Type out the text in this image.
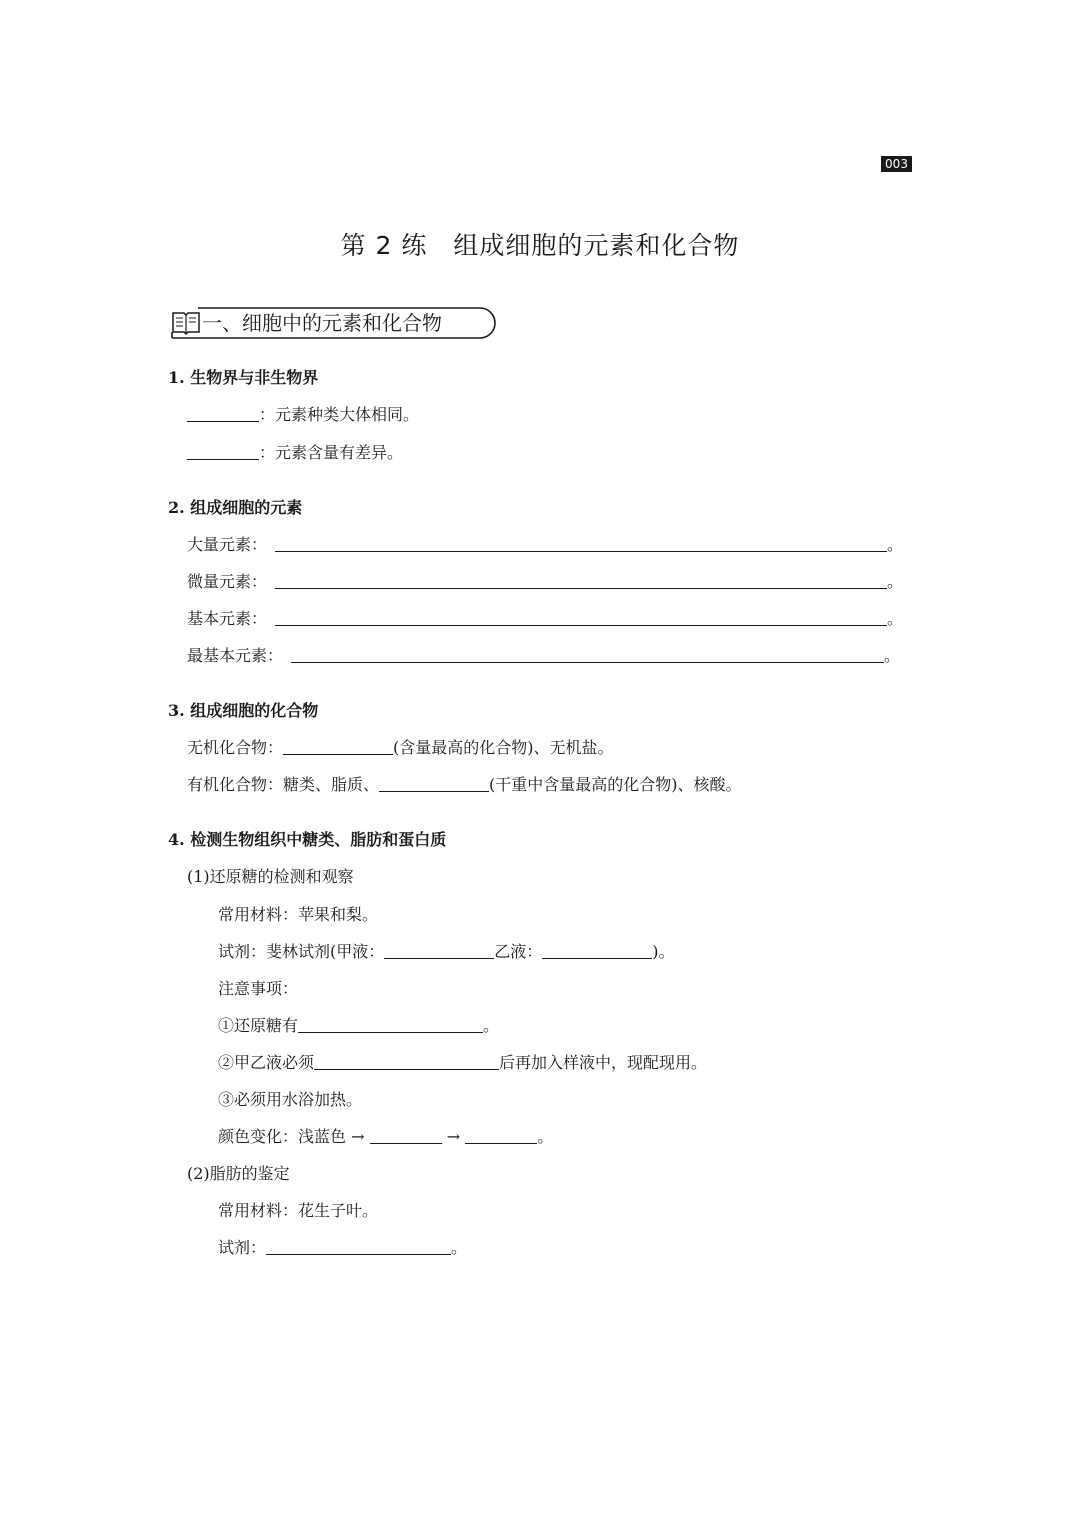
003
第 2 练　组成细胞的元素和化合物
一、细胞中的元素和化合物
1. 生物界与非生物界
：元素种类大体相同。
：元素含量有差异。
2. 组成细胞的元素
大量元素：	。
微量元素：	。
基本元素：	。
最基本元素：	。
3. 组成细胞的化合物
无机化合物：	(含量最高的化合物)、无机盐。
有机化合物：糖类、脂质、	(干重中含量最高的化合物)、核酸。
4. 检测生物组织中糖类、脂肪和蛋白质
(1)还原糖的检测和观察
常用材料：苹果和梨。
试剂：斐林试剂(甲液：	乙液：	)。
注意事项：
①还原糖有	。
②甲乙液必须	后再加入样液中，现配现用。
③必须用水浴加热。
颜色变化：浅蓝色 →	→	。
(2)脂肪的鉴定
常用材料：花生子叶。
试剂：	。
